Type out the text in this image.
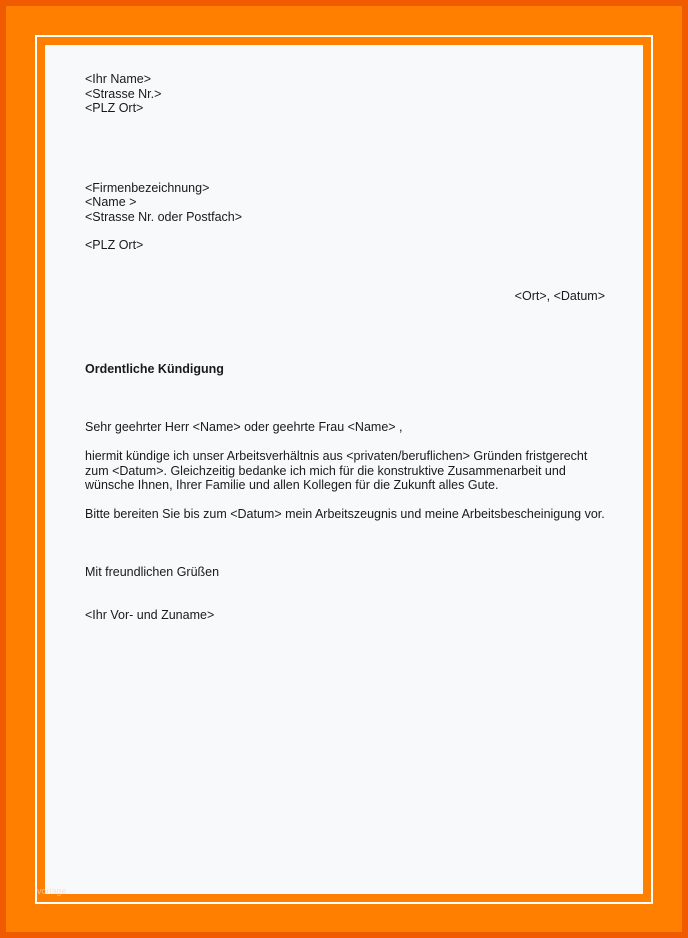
<Ihr Name>
<Strasse Nr.>
<PLZ Ort>
<Firmenbezeichnung>
<Name >
<Strasse Nr. oder Postfach>
<PLZ Ort>
<Ort>, <Datum>
Ordentliche Kündigung

Sehr geehrter Herr <Name> oder geehrte Frau <Name> ,

hiermit kündige ich unser Arbeitsverhältnis aus <privaten/beruflichen> Gründen fristgerecht zum <Datum>. Gleichzeitig bedanke ich mich für die konstruktive Zusammenarbeit und wünsche Ihnen, Ihrer Familie und allen Kollegen für die Zukunft alles Gute.

Bitte bereiten Sie bis zum <Datum> mein Arbeitszeugnis und meine Arbeitsbescheinigung vor.

Mit freundlichen Grüßen
<Ihr Vor- und Zuname>
vorlage
